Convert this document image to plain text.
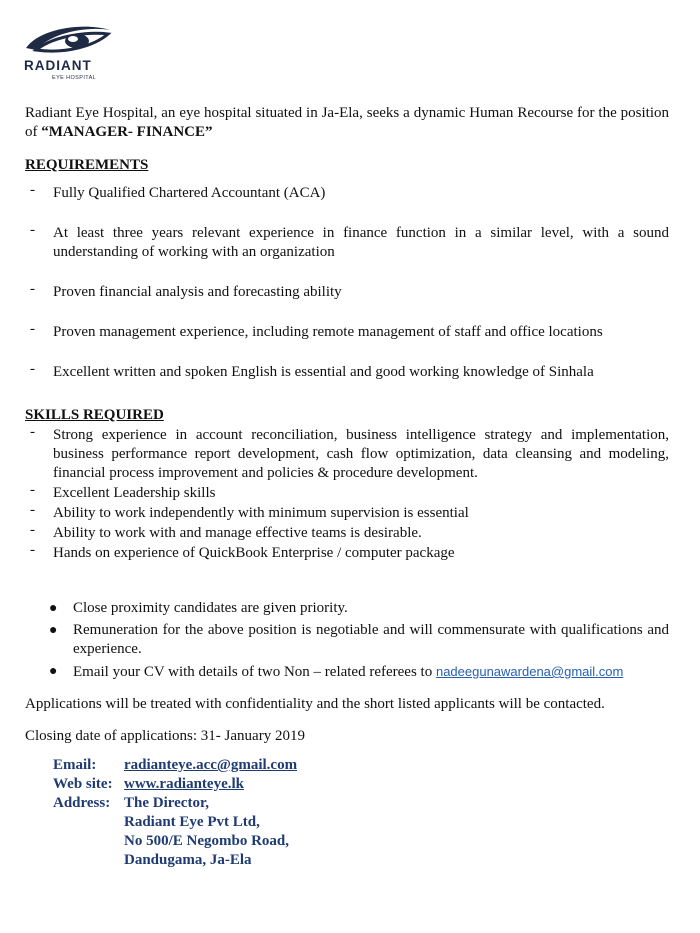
RADIANT
EYE HOSPITAL

Radiant Eye Hospital, an eye hospital situated in Ja-Ela, seeks a dynamic Human Recourse for the position of “MANAGER- FINANCE”

REQUIREMENTS
- Fully Qualified Chartered Accountant (ACA)
- At least three years relevant experience in finance function in a similar level, with a sound understanding of working with an organization
- Proven financial analysis and forecasting ability
- Proven management experience, including remote management of staff and office locations
- Excellent written and spoken English is essential and good working knowledge of Sinhala
SKILLS REQUIRED
- Strong experience in account reconciliation, business intelligence strategy and implementation, business performance report development, cash flow optimization, data cleansing and modeling, financial process improvement and policies & procedure development.
- Excellent Leadership skills
- Ability to work independently with minimum supervision is essential
- Ability to work with and manage effective teams is desirable.
- Hands on experience of QuickBook Enterprise / computer package
● Close proximity candidates are given priority.
● Remuneration for the above position is negotiable and will commensurate with qualifications and experience.
● Email your CV with details of two Non – related referees to nadeegunawardena@gmail.com

Applications will be treated with confidentiality and the short listed applicants will be contacted.

Closing date of applications: 31- January 2019

Email:	radianteye.acc@gmail.com
Web site: www.radianteye.lk
Address: The Director,
Radiant Eye Pvt Ltd,
No 500/E Negombo Road,
Dandugama, Ja-Ela
